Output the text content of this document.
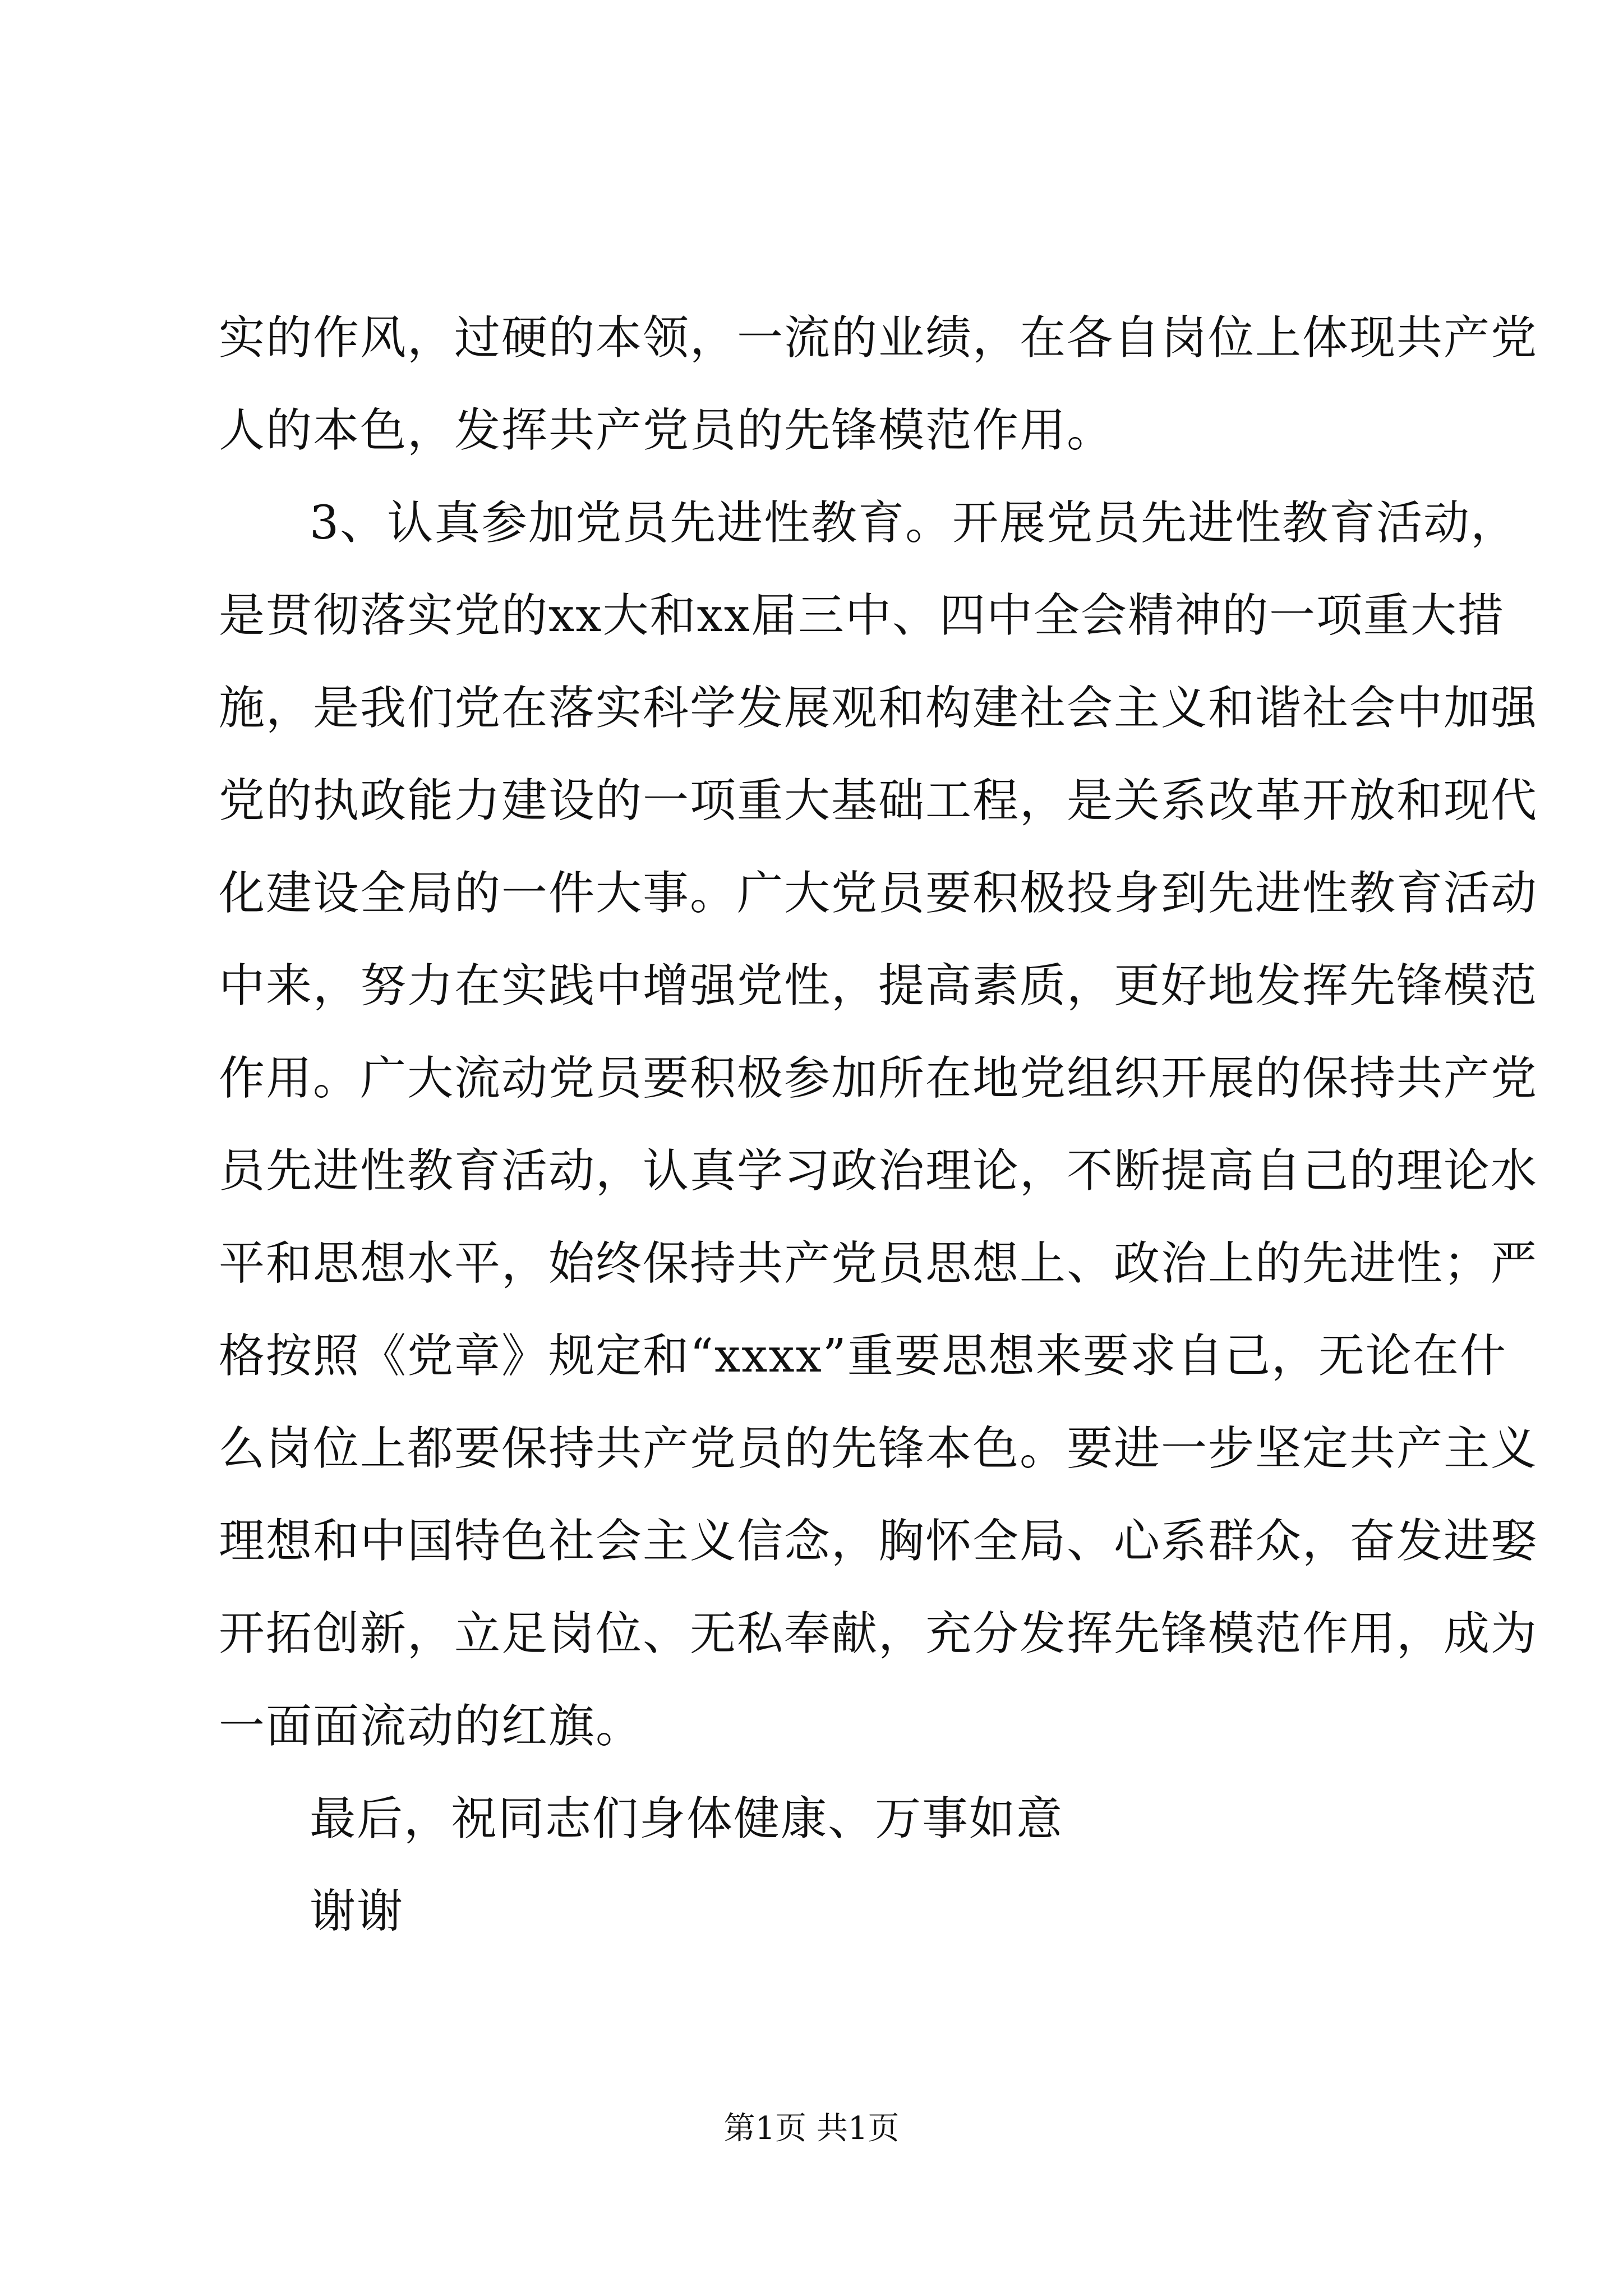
实的作风，过硬的本领，一流的业绩，在各自岗位上体现共产党
人的本色，发挥共产党员的先锋模范作用。
3、认真参加党员先进性教育。开展党员先进性教育活动，
是贯彻落实党的xx大和xx届三中、四中全会精神的一项重大措
施，是我们党在落实科学发展观和构建社会主义和谐社会中加强
党的执政能力建设的一项重大基础工程，是关系改革开放和现代
化建设全局的一件大事。广大党员要积极投身到先进性教育活动
中来，努力在实践中增强党性，提高素质，更好地发挥先锋模范
作用。广大流动党员要积极参加所在地党组织开展的保持共产党
员先进性教育活动，认真学习政治理论，不断提高自己的理论水
平和思想水平，始终保持共产党员思想上、政治上的先进性；严
格按照《党章》规定和“xxxx”重要思想来要求自己，无论在什
么岗位上都要保持共产党员的先锋本色。要进一步坚定共产主义
理想和中国特色社会主义信念，胸怀全局、心系群众，奋发进娶
开拓创新，立足岗位、无私奉献，充分发挥先锋模范作用，成为
一面面流动的红旗。
最后，祝同志们身体健康、万事如意
谢谢
第1页 共1页
